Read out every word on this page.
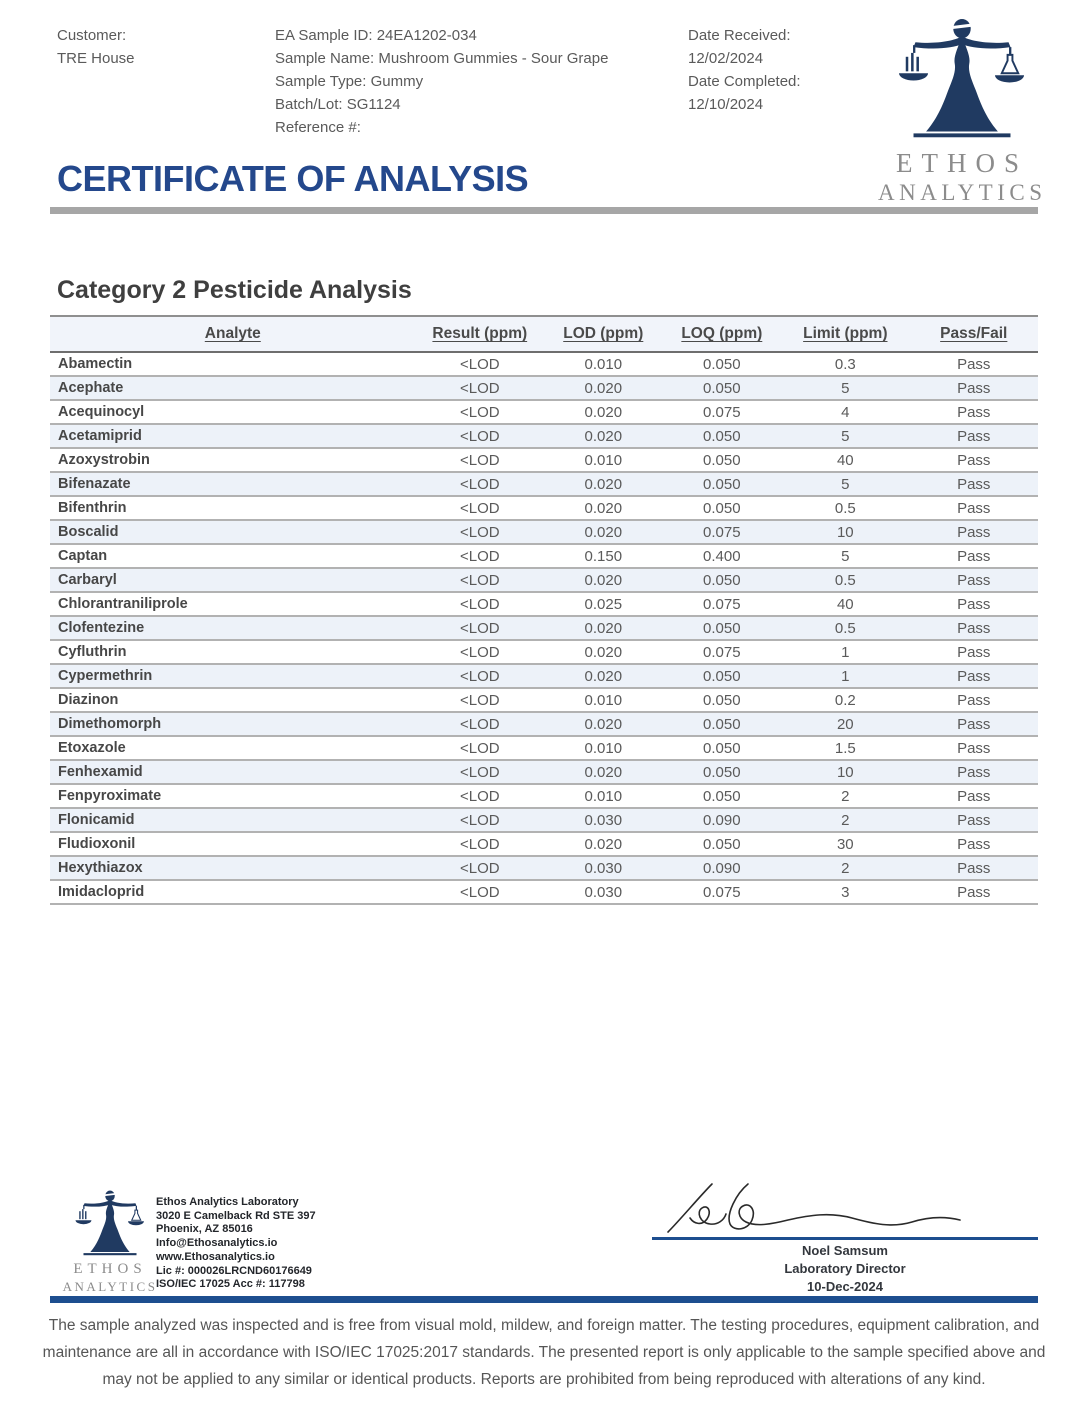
Customer:
TRE House
EA Sample ID: 24EA1202-034
Sample Name: Mushroom Gummies - Sour Grape
Sample Type: Gummy
Batch/Lot: SG1124
Reference #:
Date Received:
12/02/2024
Date Completed:
12/10/2024
ETHOS
ANALYTICS
CERTIFICATE OF ANALYSIS
Category 2 Pesticide Analysis
Analyte	Result (ppm)	LOD (ppm)	LOQ (ppm)	Limit (ppm)	Pass/Fail
Abamectin	<LOD	0.010	0.050	0.3	Pass
Acephate	<LOD	0.020	0.050	5	Pass
Acequinocyl	<LOD	0.020	0.075	4	Pass
Acetamiprid	<LOD	0.020	0.050	5	Pass
Azoxystrobin	<LOD	0.010	0.050	40	Pass
Bifenazate	<LOD	0.020	0.050	5	Pass
Bifenthrin	<LOD	0.020	0.050	0.5	Pass
Boscalid	<LOD	0.020	0.075	10	Pass
Captan	<LOD	0.150	0.400	5	Pass
Carbaryl	<LOD	0.020	0.050	0.5	Pass
Chlorantraniliprole	<LOD	0.025	0.075	40	Pass
Clofentezine	<LOD	0.020	0.050	0.5	Pass
Cyfluthrin	<LOD	0.020	0.075	1	Pass
Cypermethrin	<LOD	0.020	0.050	1	Pass
Diazinon	<LOD	0.010	0.050	0.2	Pass
Dimethomorph	<LOD	0.020	0.050	20	Pass
Etoxazole	<LOD	0.010	0.050	1.5	Pass
Fenhexamid	<LOD	0.020	0.050	10	Pass
Fenpyroximate	<LOD	0.010	0.050	2	Pass
Flonicamid	<LOD	0.030	0.090	2	Pass
Fludioxonil	<LOD	0.020	0.050	30	Pass
Hexythiazox	<LOD	0.030	0.090	2	Pass
Imidacloprid	<LOD	0.030	0.075	3	Pass
ETHOS
ANALYTICS
Ethos Analytics Laboratory
3020 E Camelback Rd STE 397
Phoenix, AZ 85016
Info@Ethosanalytics.io
www.Ethosanalytics.io
Lic #: 000026LRCND60176649
ISO/IEC 17025 Acc #: 117798
Noel Samsum
Laboratory Director
10-Dec-2024
The sample analyzed was inspected and is free from visual mold, mildew, and foreign matter. The testing procedures, equipment calibration, and maintenance are all in accordance with ISO/IEC 17025:2017 standards. The presented report is only applicable to the sample specified above and may not be applied to any similar or identical products. Reports are prohibited from being reproduced with alterations of any kind.
